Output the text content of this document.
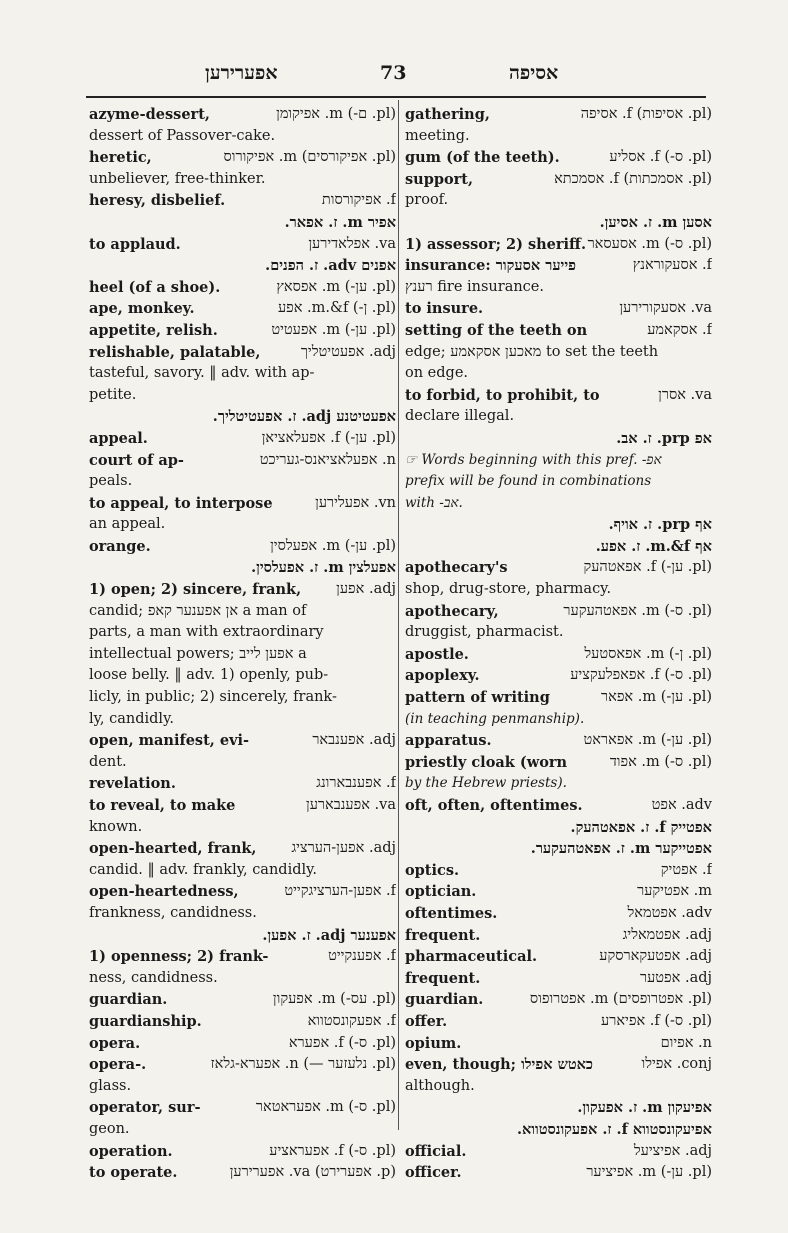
אפערירען	73	אסיפה
azyme-dessert,	(pl. ם-) m. אפיקומן
dessert of Passover-cake.
heretic,	(pl. אפיקורסים) m. אפיקורוס
unbeliever, free-thinker.
heresy, disbelief.	f. אפיקורסות
אפיר m. ז. אפאר.
to applaud.	va. אפלאדירען
אפנים adv. ז. הפנים.
heel (of a shoe).	(pl. ען-) m. אפסאץ
ape, monkey.	(pl. ן-) m.&f. אפע
appetite, relish.	(pl. ען-) m. אפעטיט
relishable, palatable,	adj. אפעטיטליך
tasteful, savory. ‖ adv. with ap-
petite.
אפעטיטנע adj. ז. אפעטיטליך.
appeal.	(pl. ען-) f. אפעלאציאן
court of ap-	n. אפעלאציאנס-געריכט
peals.
to appeal, to interpose	vn. אפעלירען
an appeal.
orange.	(pl. ען-) m. אפעלסין
אפעלצין m. ז. אפעלסין.
1) open; 2) sincere, frank, adj. אפען
candid; אן אפענער קאפ a man of
parts, a man with extraordinary
intellectual powers; אפען לייב a
loose belly. ‖ adv. 1) openly, pub-
licly, in public; 2) sincerely, frank-
ly, candidly.
open, manifest, evi-	adj. אפענבאר
dent.
revelation.	f. אפענבארונג
to reveal, to make	va. אפענבארען
known.
open-hearted, frank, adj. אפען-הערציג
candid. ‖ adv. frankly, candidly.
open-heartedness,	f. אפען-הערציגקייט
frankness, candidness.
אפענער adj. ז. אפען.
1) openness; 2) frank-	f. אפענקייט
ness, candidness.
guardian.	(pl. עס-) m. אפעקון
guardianship.	f. אפעקונסטווא
opera.	(pl. ס-) f. אפערא
opera-.	(pl. נלעזער —) n. אפערא-גלאז
glass.
operator, sur-	(pl. ס-) m. אפעראטאר
geon.
operation.	(pl. ס-) f. אפעראציע
to operate.	(p. אפערירט) va. אפערירען
gathering,	(pl. אסיפות) f. אסיפה
meeting.
gum (of the teeth).	(pl. ס-) f. אסליע
support,	(pl. אסמכתות) f. אסמכתא
proof.
אסען m. ז. אסיען.
1) assessor; 2) sheriff. (pl. ס-) m. אסעסאר
insurance: פייער אסעקור	f. אסעקוראנץ
רענץ fire insurance.
to insure.	va. אסעקורירען
setting of the teeth on	f. אסקאמע
edge; מאכען אסקאמע to set the teeth
on edge.
to forbid, to prohibit, to	va. אסרן
declare illegal.
אפ prp. ז. אב.
☞ Words beginning with this pref. -אפ
prefix will be found in combinations
with -אב.
אף prp. ז. אויף.
אף m.&f. ז. אפע.
apothecary's	(pl. ען-) f. אפאטהעק
shop, drug-store, pharmacy.
apothecary,	(pl. ס-) m. אפאטהעקער
druggist, pharmacist.
apostle.	(pl. ן-) m. אפאסטעל
apoplexy.	(pl. ס-) f. אפאפלעקציע
pattern of writing	(pl. ען-) m. אפאר
(in teaching penmanship).
apparatus.	(pl. ען-) m. אפאראט
priestly cloak (worn	(pl. ס-) m. אפוד
by the Hebrew priests).
oft, often, oftentimes.	adv. אפט
אפטייק f. ז. אפאטהעק.
אפטייקער m. ז. אפאטהעקער.
optics.	f. אפטיק
optician.	m. אפטיקער
oftentimes.	adv. אפטמאל
frequent.	adj. אפטמאליג
pharmaceutical.	adj. אפטעקארסקע
frequent.	adj. אפטער
guardian.	(pl. אפטרופסים) m. אפטרופוס
offer.	(pl. ס-) f. אפיארע
opium.	n. אפיום
even, though; כאטש אפילו	conj. אפילו
although.
אפיעקון m. ז. אפעקון.
אפיעקונסטווא f. ז. אפעקונסטווא.
official.	adj. אפיציעל
officer.	(pl. ען-) m. אפיציער
